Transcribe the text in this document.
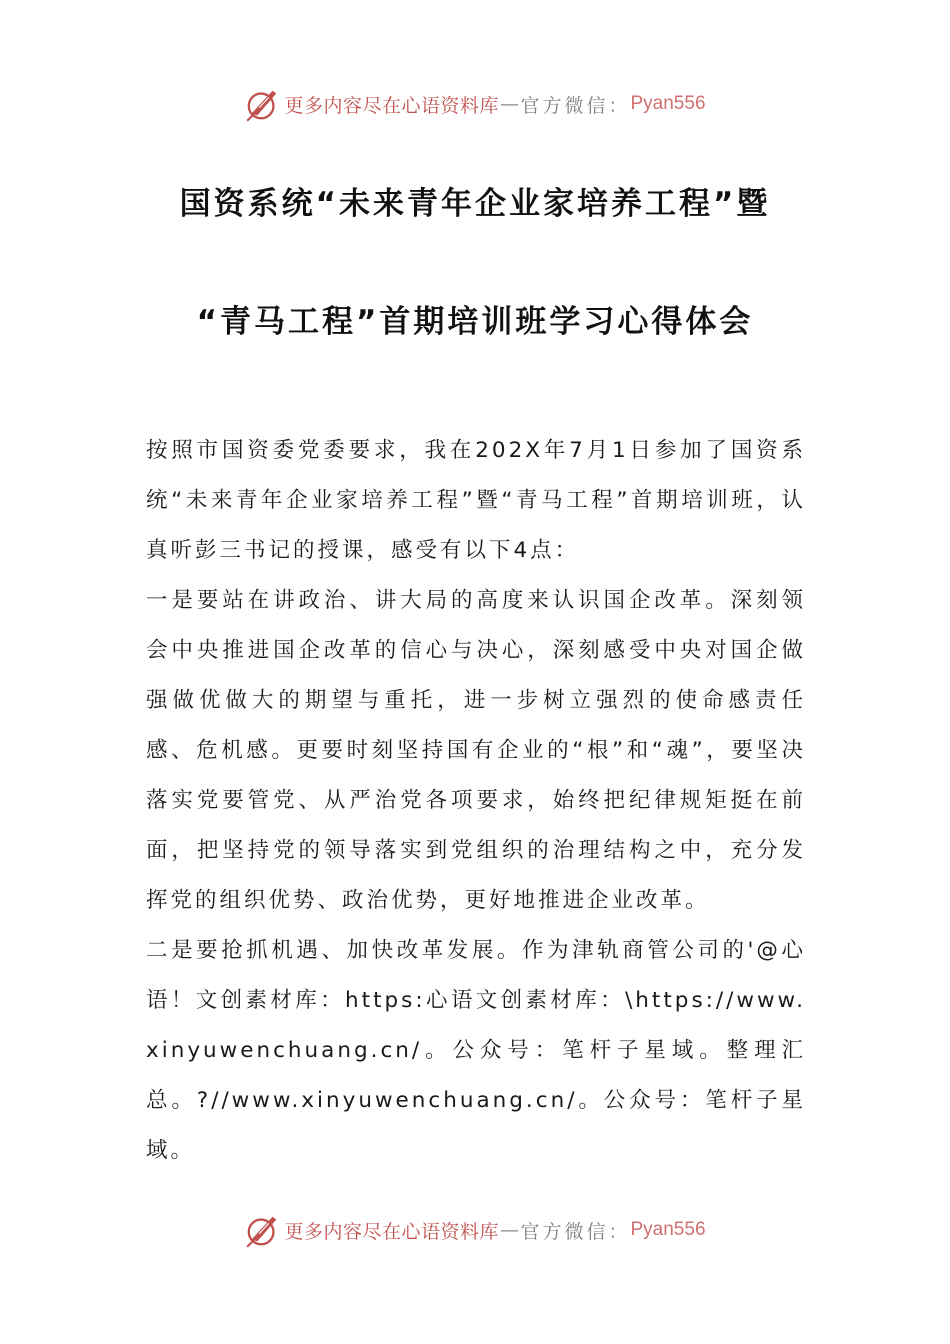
更多内容尽在心语资料库 — 官方微信： Pyan556
国资系统“未来青年企业家培养工程”暨
“青马工程”首期培训班学习心得体会

按照市国资委党委要求，我在202X年7月1日参加了国资系统“未来青年企业家培养工程”暨“青马工程”首期培训班，认真听彭三书记的授课，感受有以下4点：

一是要站在讲政治、讲大局的高度来认识国企改革。深刻领会中央推进国企改革的信心与决心，深刻感受中央对国企做强做优做大的期望与重托，进一步树立强烈的使命感责任感、危机感。更要时刻坚持国有企业的“根”和“魂”，要坚决落实党要管党、从严治党各项要求，始终把纪律规矩挺在前面，把坚持党的领导落实到党组织的治理结构之中，充分发挥党的组织优势、政治优势，更好地推进企业改革。

二是要抢抓机遇、加快改革发展。作为津轨商管公司的'@心语！文创素材库：https:心语文创素材库：\https://www.xinyuwenchuang.cn/。公众号：笔杆子星域。整理汇总。?//www.xinyuwenchuang.cn/。公众号：笔杆子星域。

更多内容尽在心语资料库 — 官方微信： Pyan556
